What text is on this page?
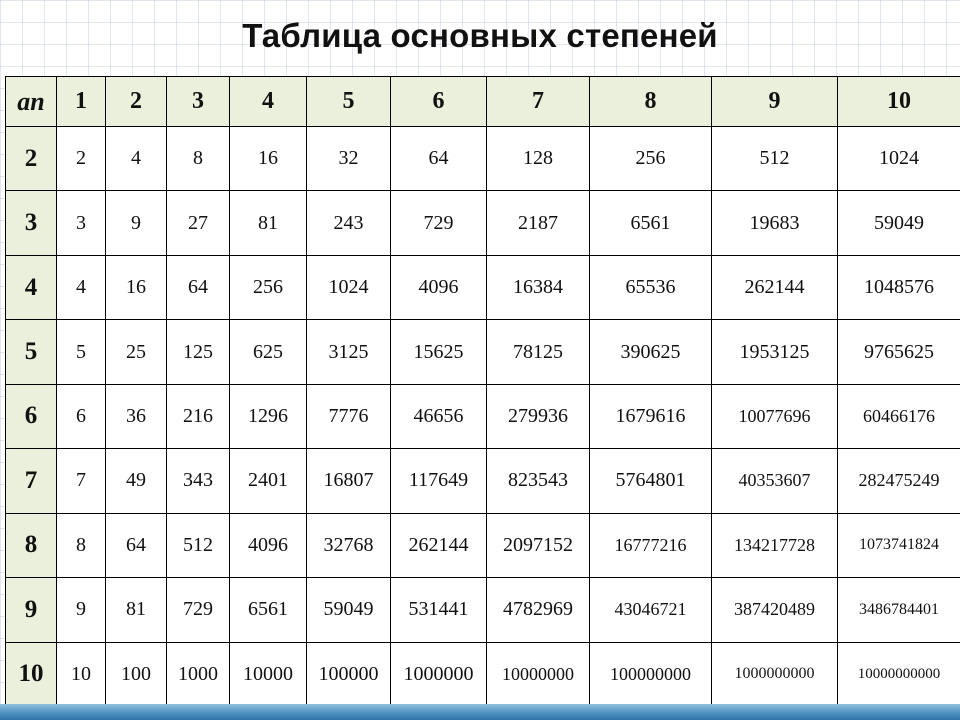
Таблица основных степеней
an	1	2	3	4	5	6	7	8	9	10
2	2	4	8	16	32	64	128	256	512	1024
3	3	9	27	81	243	729	2187	6561	19683	59049
4	4	16	64	256	1024	4096	16384	65536	262144	1048576
5	5	25	125	625	3125	15625	78125	390625	1953125	9765625
6	6	36	216	1296	7776	46656	279936	1679616	10077696	60466176
7	7	49	343	2401	16807	117649	823543	5764801	40353607	282475249
8	8	64	512	4096	32768	262144	2097152	16777216	134217728	1073741824
9	9	81	729	6561	59049	531441	4782969	43046721	387420489	3486784401
10	10	100	1000	10000	100000	1000000	10000000	100000000	1000000000	10000000000
